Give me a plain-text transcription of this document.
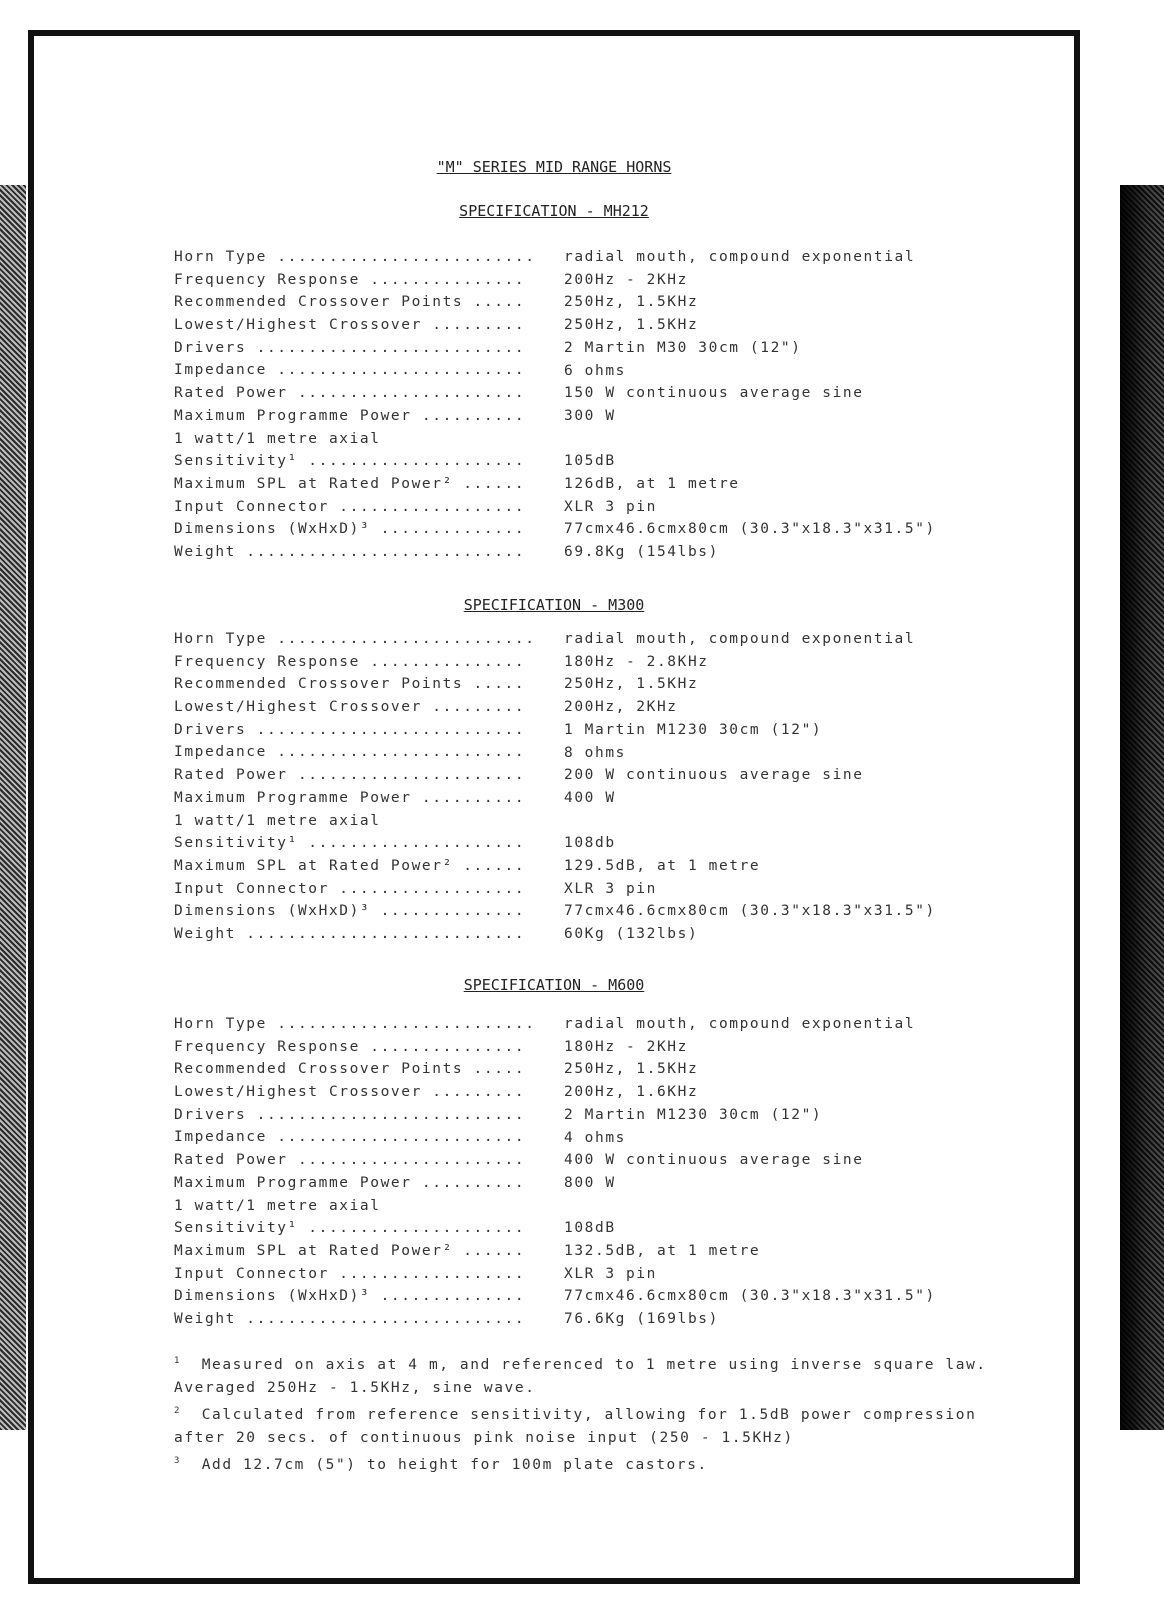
"M" SERIES MID RANGE HORNS
SPECIFICATION - MH212
Horn Type ......................... radial mouth, compound exponential
Frequency Response ...............	200Hz - 2KHz
Recommended Crossover Points .....	250Hz, 1.5KHz
Lowest/Highest Crossover .........	250Hz, 1.5KHz
Drivers ..........................	2 Martin M30 30cm (12")
Impedance ........................	6 ohms
Rated Power ......................	150 W continuous average sine
Maximum Programme Power ..........	300 W
1 watt/1 metre axial
Sensitivity¹ .....................	105dB
Maximum SPL at Rated Power² ......	126dB, at 1 metre
Input Connector ..................	XLR 3 pin
Dimensions (WxHxD)³ ..............	77cmx46.6cmx80cm (30.3"x18.3"x31.5")
Weight ...........................	69.8Kg (154lbs)
SPECIFICATION - M300
Horn Type ......................... radial mouth, compound exponential
Frequency Response ...............	180Hz - 2.8KHz
Recommended Crossover Points .....	250Hz, 1.5KHz
Lowest/Highest Crossover .........	200Hz, 2KHz
Drivers ..........................	1 Martin M1230 30cm (12")
Impedance ........................	8 ohms
Rated Power ......................	200 W continuous average sine
Maximum Programme Power ..........	400 W
1 watt/1 metre axial
Sensitivity¹ .....................	108db
Maximum SPL at Rated Power² ......	129.5dB, at 1 metre
Input Connector ..................	XLR 3 pin
Dimensions (WxHxD)³ ..............	77cmx46.6cmx80cm (30.3"x18.3"x31.5")
Weight ...........................	60Kg (132lbs)
SPECIFICATION - M600
Horn Type ......................... radial mouth, compound exponential
Frequency Response ...............	180Hz - 2KHz
Recommended Crossover Points .....	250Hz, 1.5KHz
Lowest/Highest Crossover .........	200Hz, 1.6KHz
Drivers ..........................	2 Martin M1230 30cm (12")
Impedance ........................	4 ohms
Rated Power ......................	400 W continuous average sine
Maximum Programme Power ..........	800 W
1 watt/1 metre axial
Sensitivity¹ .....................	108dB
Maximum SPL at Rated Power² ......	132.5dB, at 1 metre
Input Connector ..................	XLR 3 pin
Dimensions (WxHxD)³ ..............	77cmx46.6cmx80cm (30.3"x18.3"x31.5")
Weight ...........................	76.6Kg (169lbs)

$^1$  Measured on axis at 4 m, and referenced to 1 metre using inverse square law.  Averaged 250Hz - 1.5KHz, sine wave.

$^2$  Calculated from reference sensitivity, allowing for 1.5dB power compression after 20 secs. of continuous pink noise input (250 - 1.5KHz)

$^3$  Add 12.7cm (5") to height for 100m plate castors.
